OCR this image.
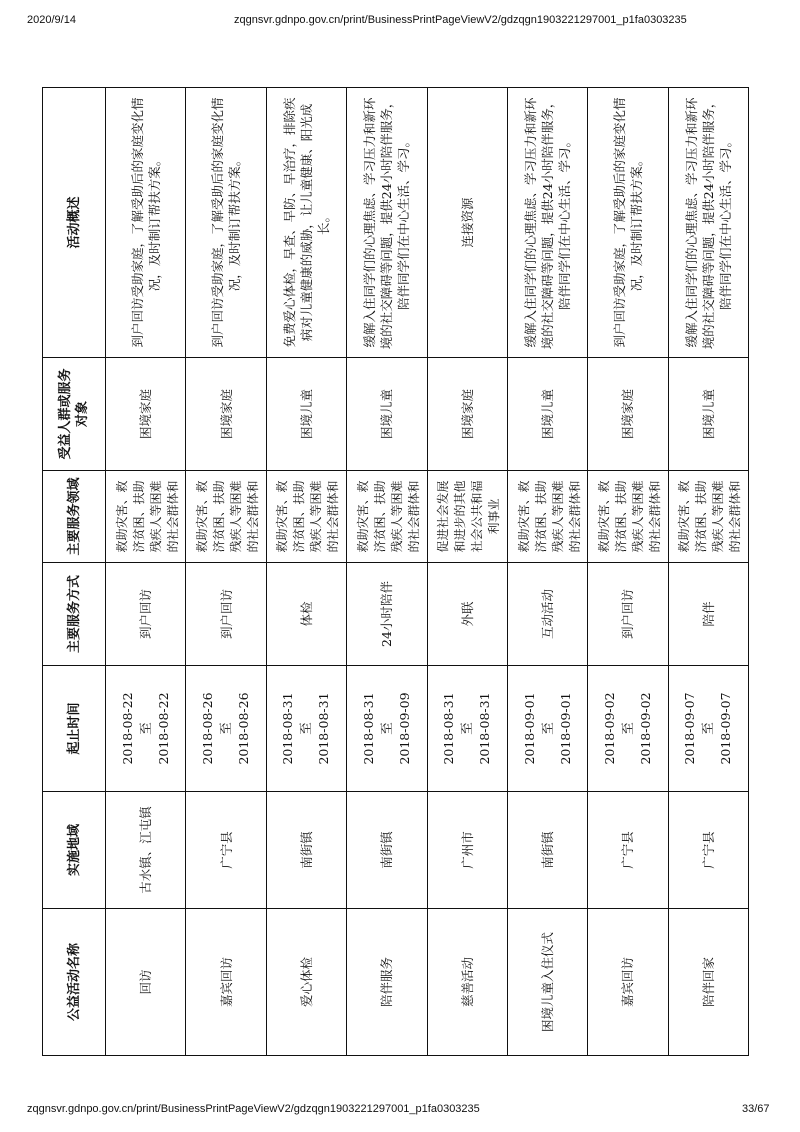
2020/9/14	zqgnsvr.gdnpo.gov.cn/print/BusinessPrintPageViewV2/gdzqgn1903221297001_p1fa0303235
公益活动名称	实施地域	起止时间	主要服务方式	主要服务领域	受益人群或服务对象	活动概述
回访	古水镇、江屯镇	2018-08-22 至 2018-08-22	到户回访	救助灾害、救济贫困、扶助残疾人等困难的社会群体和	困境家庭	到户回访受助家庭，了解受助后的家庭变化情况，及时制订帮扶方案。
嘉宾回访	广宁县	2018-08-26 至 2018-08-26	到户回访	救助灾害、救济贫困、扶助残疾人等困难的社会群体和	困境家庭	到户回访受助家庭，了解受助后的家庭变化情况，及时制订帮扶方案。
爱心体检	南街镇	2018-08-31 至 2018-08-31	体检	救助灾害、救济贫困、扶助残疾人等困难的社会群体和	困境儿童	免费爱心体检，早查、早防、早治疗，排除疾病对儿童健康的威胁，让儿童健康、阳光成长。
陪伴服务	南街镇	2018-08-31 至 2018-09-09	24小时陪伴	救助灾害、救济贫困、扶助残疾人等困难的社会群体和	困境儿童	缓解入住同学们的心理焦虑、学习压力和新环境的社交障碍等问题，提供24小时陪伴服务，陪伴同学们在中心生活、学习。
慈善活动	广州市	2018-08-31 至 2018-08-31	外联	促进社会发展和进步的其他社会公共和福利事业	困境家庭	连接资源
困境儿童入住仪式	南街镇	2018-09-01 至 2018-09-01	互动活动	救助灾害、救济贫困、扶助残疾人等困难的社会群体和	困境儿童	缓解入住同学们的心理焦虑、学习压力和新环境的社交障碍等问题，提供24小时陪伴服务，陪伴同学们在中心生活、学习。
嘉宾回访	广宁县	2018-09-02 至 2018-09-02	到户回访	救助灾害、救济贫困、扶助残疾人等困难的社会群体和	困境家庭	到户回访受助家庭，了解受助后的家庭变化情况，及时制订帮扶方案。
陪伴回家	广宁县	2018-09-07 至 2018-09-07	陪伴	救助灾害、救济贫困、扶助残疾人等困难的社会群体和	困境儿童	缓解入住同学们的心理焦虑、学习压力和新环境的社交障碍等问题，提供24小时陪伴服务，陪伴同学们在中心生活、学习。
zqgnsvr.gdnpo.gov.cn/print/BusinessPrintPageViewV2/gdzqgn1903221297001_p1fa0303235	33/67
